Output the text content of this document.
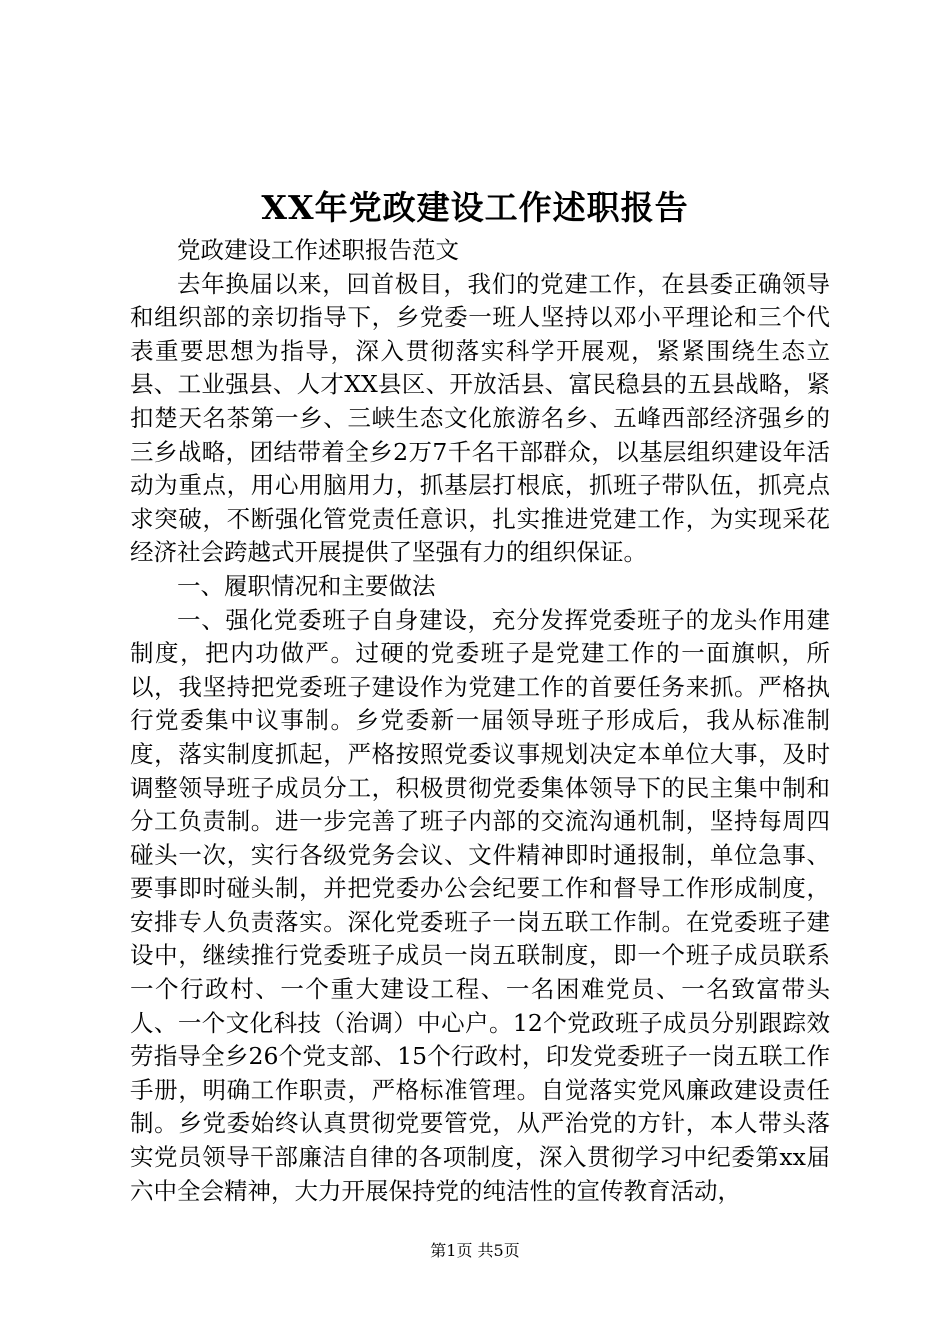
XX年党政建设工作述职报告

党政建设工作述职报告范文

去年换届以来，回首极目，我们的党建工作，在县委正确领导和组织部的亲切指导下，乡党委一班人坚持以邓小平理论和三个代表重要思想为指导，深入贯彻落实科学开展观，紧紧围绕生态立县、工业强县、人才XX县区、开放活县、富民稳县的五县战略，紧扣楚天名茶第一乡、三峡生态文化旅游名乡、五峰西部经济强乡的三乡战略，团结带着全乡2万7千名干部群众，以基层组织建设年活动为重点，用心用脑用力，抓基层打根底，抓班子带队伍，抓亮点求突破，不断强化管党责任意识，扎实推进党建工作，为实现采花经济社会跨越式开展提供了坚强有力的组织保证。

一、履职情况和主要做法

一、强化党委班子自身建设，充分发挥党委班子的龙头作用建制度，把内功做严。过硬的党委班子是党建工作的一面旗帜，所以，我坚持把党委班子建设作为党建工作的首要任务来抓。严格执行党委集中议事制。乡党委新一届领导班子形成后，我从标准制度，落实制度抓起，严格按照党委议事规划决定本单位大事，及时调整领导班子成员分工，积极贯彻党委集体领导下的民主集中制和分工负责制。进一步完善了班子内部的交流沟通机制，坚持每周四碰头一次，实行各级党务会议、文件精神即时通报制，单位急事、要事即时碰头制，并把党委办公会纪要工作和督导工作形成制度，安排专人负责落实。深化党委班子一岗五联工作制。在党委班子建设中，继续推行党委班子成员一岗五联制度，即一个班子成员联系一个行政村、一个重大建设工程、一名困难党员、一名致富带头人、一个文化科技（治调）中心户。12个党政班子成员分别跟踪效劳指导全乡26个党支部、15个行政村，印发党委班子一岗五联工作手册，明确工作职责，严格标准管理。自觉落实党风廉政建设责任制。乡党委始终认真贯彻党要管党，从严治党的方针，本人带头落实党员领导干部廉洁自律的各项制度，深入贯彻学习中纪委第xx届六中全会精神，大力开展保持党的纯洁性的宣传教育活动，

第1页 共5页
